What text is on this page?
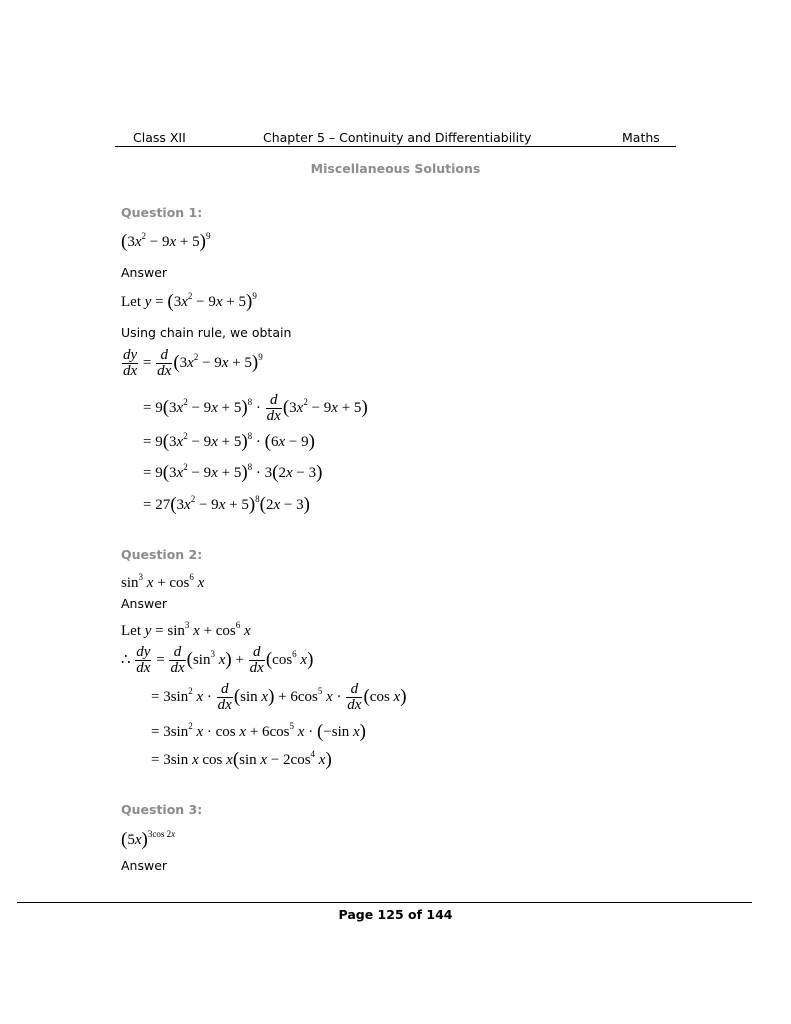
Class XII	Chapter 5 – Continuity and Differentiability	Maths
Miscellaneous Solutions
Question 1:
$(3x^2 - 9x + 5)^9$
Answer
Let $y = (3x^2 - 9x + 5)^9$
Using chain rule, we obtain
$\frac{dy}{dx} = \frac{d}{dx} (3x^2 - 9x + 5)^9$
= $9(3x^2 - 9x + 5)^8 \cdot \frac{d}{dx} (3x^2 - 9x + 5)$
= $9(3x^2 - 9x + 5)^8 \cdot (6x - 9)$
= $9(3x^2 - 9x + 5)^8 \cdot 3(2x - 3)$
= $27(3x^2 - 9x + 5)^8(2x - 3)$
Question 2:
$\sin^3 x + \cos^6 x$
Answer
Let $y = \sin^3 x + \cos^6 x$
∴ $\frac{dy}{dx} = \frac{d}{dx} (\sin^3$ $x) + \frac{d}{dx} (\cos^6$ x)
= $3\sin^2$ $x \cdot \frac{d}{dx} (\sin$ $x) + 6\cos^5$ $x \cdot \frac{d}{dx} (\cos$ x)
= $3\sin^2$ $x \cdot \cos x + 6\cos^5$ x · (−sin x)
= 3sin x cos x(sin $x - 2\cos^4$ x)
Question 3:
$(5x)^{3cos 2x}$
Answer
Page 125 of 144
